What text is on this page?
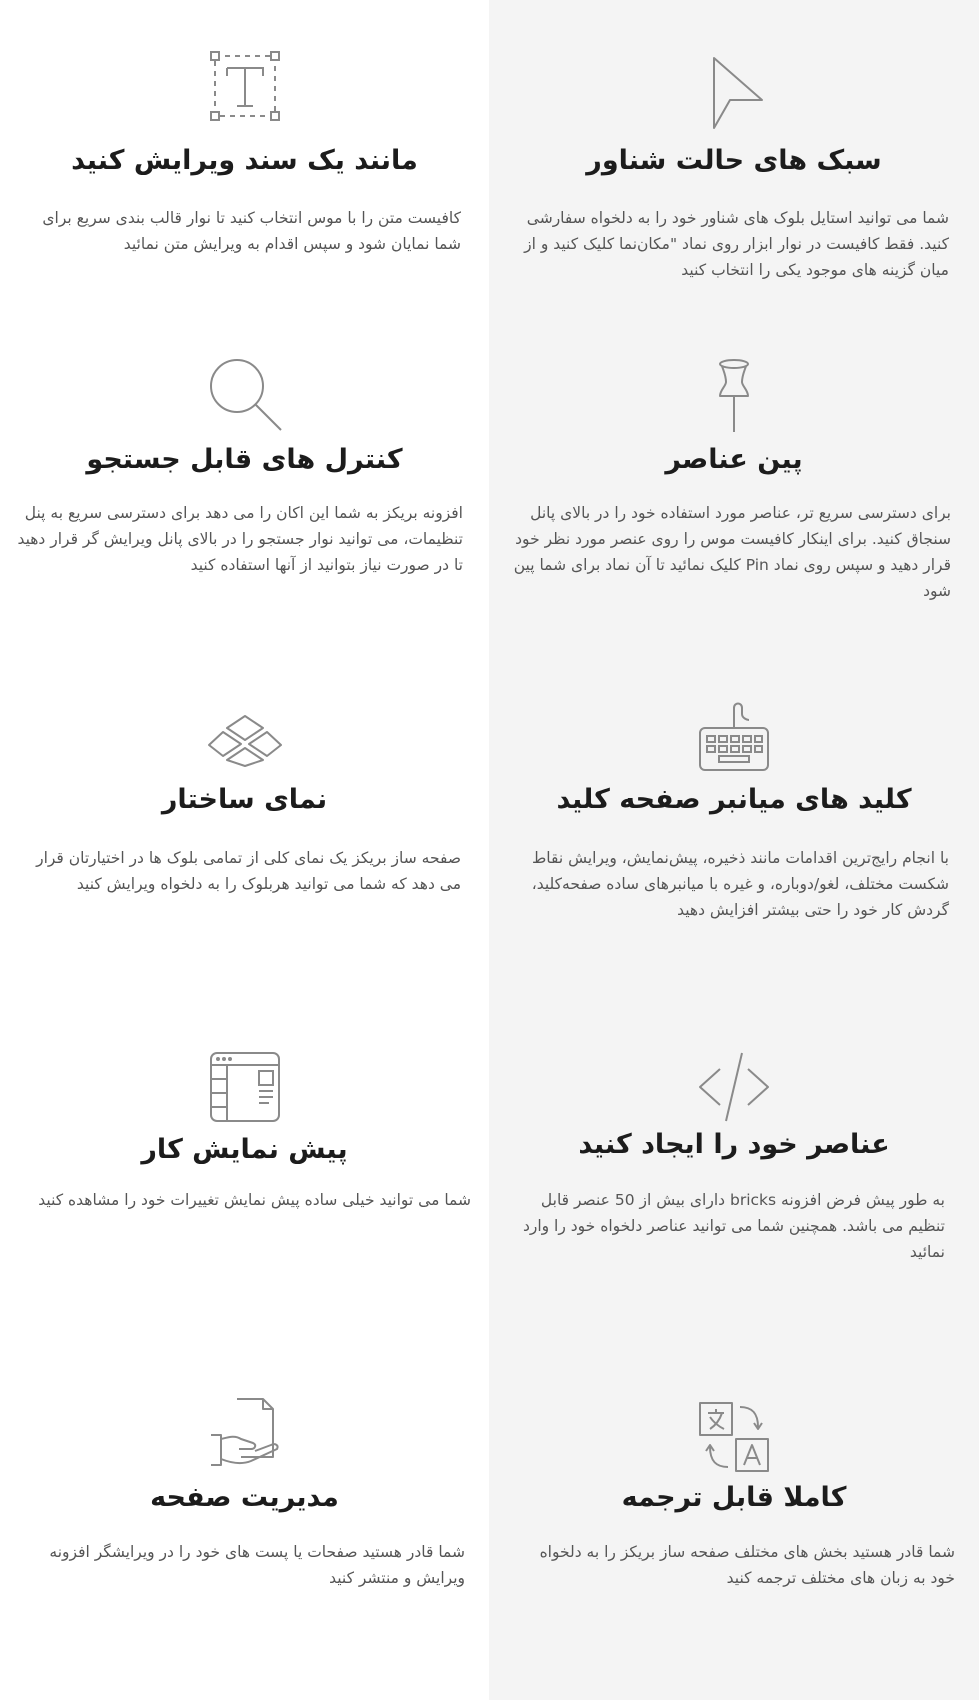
مانند یک سند ویرایش کنید

کافیست متن را با موس انتخاب کنید تا نوار قالب بندی سریع برای شما نمایان شود و سپس اقدام به ویرایش متن نمائید

سبک های حالت شناور

شما می توانید استایل بلوک های شناور خود را به دلخواه سفارشی کنید. فقط کافیست در نوار ابزار روی نماد "مکان‌نما کلیک کنید و از میان گزینه های موجود یکی را انتخاب کنید

کنترل های قابل جستجو

افزونه بریکز به شما این اکان را می دهد برای دسترسی سریع به پنل تنظیمات، می توانید نوار جستجو را در بالای پانل ویرایش گر قرار دهید تا در صورت نیاز بتوانید از آنها استفاده کنید

پین عناصر

برای دسترسی سریع تر، عناصر مورد استفاده خود را در بالای پانل سنجاق کنید. برای اینکار کافیست موس را روی عنصر مورد نظر خود قرار دهید و سپس روی نماد Pin کلیک نمائید تا آن نماد برای شما پین شود

نمای ساختار

صفحه ساز بریکز یک نمای کلی از تمامی بلوک ها در اختیارتان قرار می دهد که شما می توانید هربلوک را به دلخواه ویرایش کنید

کلید های میانبر صفحه کلید

با انجام رایج‌ترین اقدامات مانند ذخیره، پیش‌نمایش، ویرایش نقاط شکست مختلف، لغو/دوباره، و غیره با میانبرهای ساده صفحه‌کلید، گردش کار خود را حتی بیشتر افزایش دهید

پیش نمایش کار

شما می توانید خیلی ساده پیش نمایش تغییرات خود را مشاهده کنید

عناصر خود را ایجاد کنید

به طور پیش فرض افزونه bricks دارای بیش از 50 عنصر قابل تنظیم می باشد. همچنین شما می توانید عناصر دلخواه خود را وارد نمائید

مدیریت صفحه

شما قادر هستید صفحات یا پست های خود را در ویرایشگر افزونه ویرایش و منتشر کنید

کاملا قابل ترجمه

شما قادر هستید بخش های مختلف صفحه ساز بریکز را به دلخواه خود به زبان های مختلف ترجمه کنید
